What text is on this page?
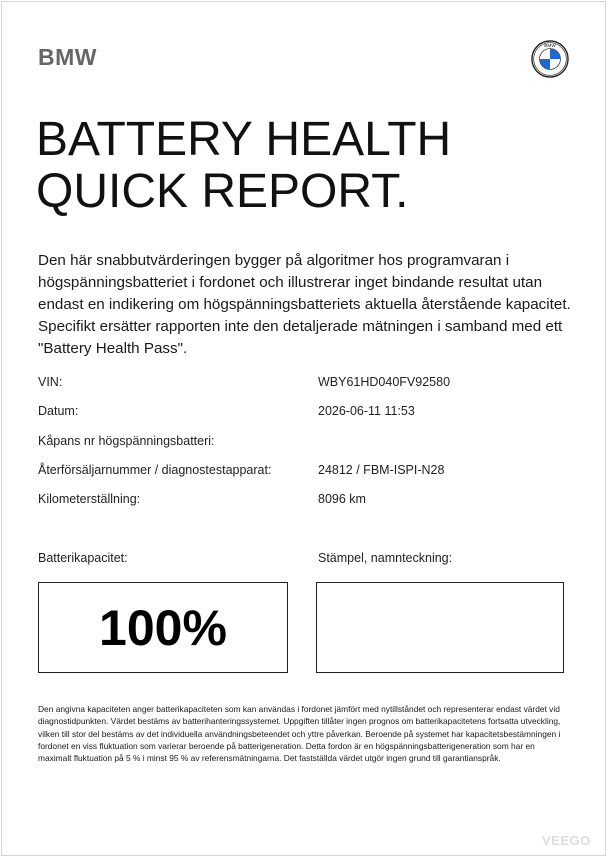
BMW	BMW
BATTERY HEALTH
QUICK REPORT.

Den här snabbutvärderingen bygger på algoritmer hos programvaran i högspänningsbatteriet i fordonet och illustrerar inget bindande resultat utan endast en indikering om högspänningsbatteriets aktuella återstående kapacitet. Specifikt ersätter rapporten inte den detaljerade mätningen i samband med ett "Battery Health Pass".

VIN:	WBY61HD040FV92580
Datum:	2026-06-11 11:53
Kåpans nr högspänningsbatteri:
Återförsäljarnummer / diagnostestapparat:	24812 / FBM-ISPI-N28
Kilometerställning:	8096 km
Batterikapacitet:	Stämpel, namnteckning:
100%

Den angivna kapaciteten anger batterikapaciteten som kan användas i fordonet jämfört med nytillståndet och representerar endast värdet vid diagnostidpunkten. Värdet bestäms av batterihanteringssystemet. Uppgiften tillåter ingen prognos om batterikapacitetens fortsatta utveckling, vilken till stor del bestäms av det individuella användningsbeteendet och yttre påverkan. Beroende på systemet har kapacitetsbestämningen i fordonet en viss fluktuation som varierar beroende på batterigeneration. Detta fordon är en högspänningsbatterigeneration som har en maximalt fluktuation på 5 % i minst 95 % av referensmätningarna. Det fastställda värdet utgör ingen grund till garantianspråk.

VEEGO
